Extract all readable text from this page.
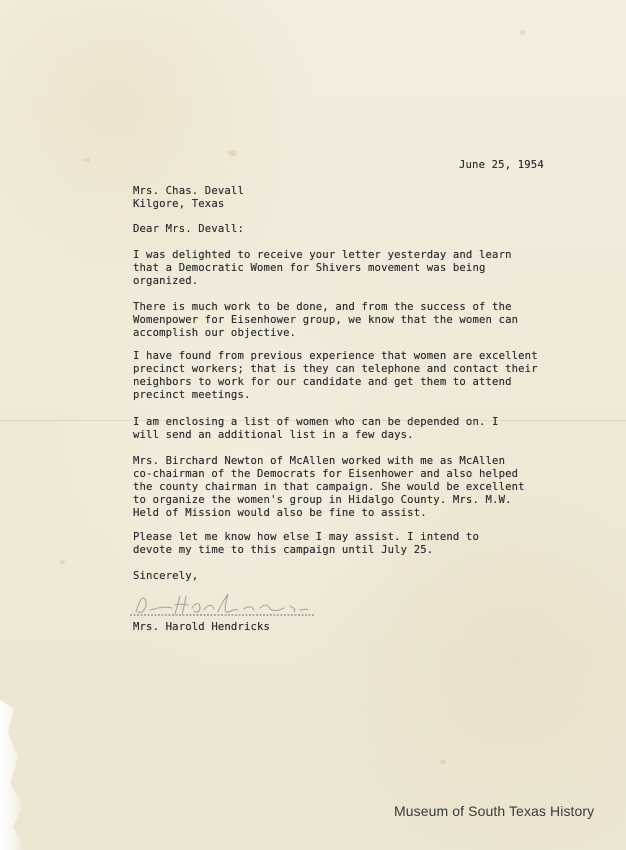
June 25, 1954

Mrs. Chas. Devall
Kilgore, Texas

Dear Mrs. Devall:

I was delighted to receive your letter yesterday and learn
that a Democratic Women for Shivers movement was being
organized.

There is much work to be done, and from the success of the
Womenpower for Eisenhower group, we know that the women can
accomplish our objective.

I have found from previous experience that women are excellent
precinct workers; that is they can telephone and contact their
neighbors to work for our candidate and get them to attend
precinct meetings.

I am enclosing a list of women who can be depended on. I
will send an additional list in a few days.

Mrs. Birchard Newton of McAllen worked with me as McAllen
co-chairman of the Democrats for Eisenhower and also helped
the county chairman in that campaign. She would be excellent
to organize the women's group in Hidalgo County. Mrs. M.W.
Held of Mission would also be fine to assist.

Please let me know how else I may assist. I intend to
devote my time to this campaign until July 25.

Sincerely,

Mrs. Harold Hendricks

Museum of South Texas History
